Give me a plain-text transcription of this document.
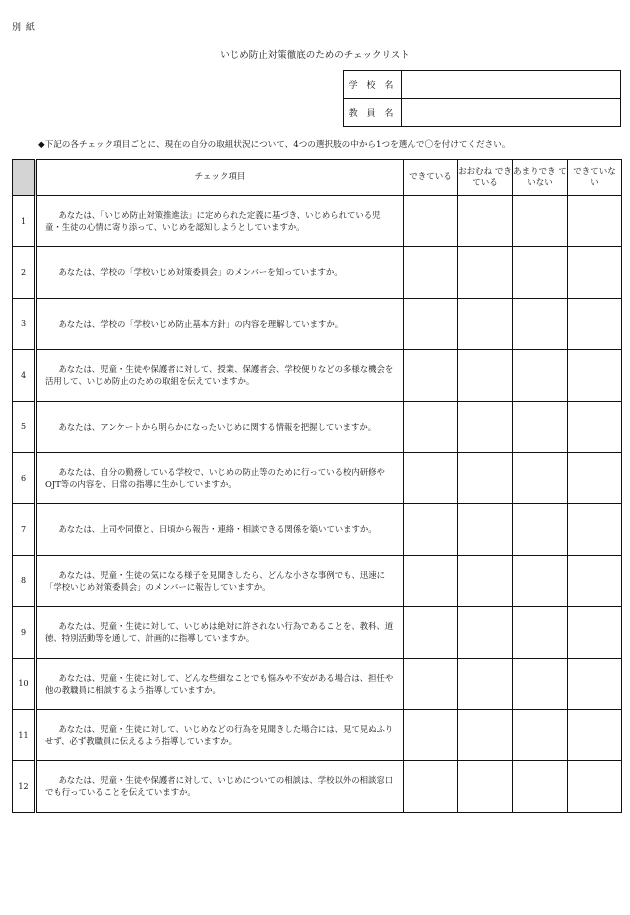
別 紙
いじめ防止対策徹底のためのチェックリスト
学 校 名	
教 員 名	
◆下記の各チェック項目ごとに、現在の自分の取組状況について、4つの選択肢の中から1つを選んで〇を付けてください。
	チェック項目	できている	おおむね できている	あまりでき ていない	できていな い
1	あなたは、「いじめ防止対策推進法」に定められた定義に基づき、いじめられている児童・生徒の心情に寄り添って、いじめを認知しようとしていますか。				
2	あなたは、学校の「学校いじめ対策委員会」のメンバーを知っていますか。				
3	あなたは、学校の「学校いじめ防止基本方針」の内容を理解していますか。				
4	あなたは、児童・生徒や保護者に対して、授業、保護者会、学校便りなどの多様な機会を活用して、いじめ防止のための取組を伝えていますか。				
5	あなたは、アンケートから明らかになったいじめに関する情報を把握していますか。				
6	あなたは、自分の勤務している学校で、いじめの防止等のために行っている校内研修やOJT等の内容を、日常の指導に生かしていますか。				
7	あなたは、上司や同僚と、日頃から報告・連絡・相談できる関係を築いていますか。				
8	あなたは、児童・生徒の気になる様子を見聞きしたら、どんな小さな事例でも、迅速に「学校いじめ対策委員会」のメンバーに報告していますか。				
9	あなたは、児童・生徒に対して、いじめは絶対に許されない行為であることを、教科、道徳、特別活動等を通して、計画的に指導していますか。				
10	あなたは、児童・生徒に対して、どんな些細なことでも悩みや不安がある場合は、担任や他の教職員に相談するよう指導していますか。				
11	あなたは、児童・生徒に対して、いじめなどの行為を見聞きした場合には、見て見ぬふりせず、必ず教職員に伝えるよう指導していますか。				
12	あなたは、児童・生徒や保護者に対して、いじめについての相談は、学校以外の相談窓口でも行っていることを伝えていますか。				
